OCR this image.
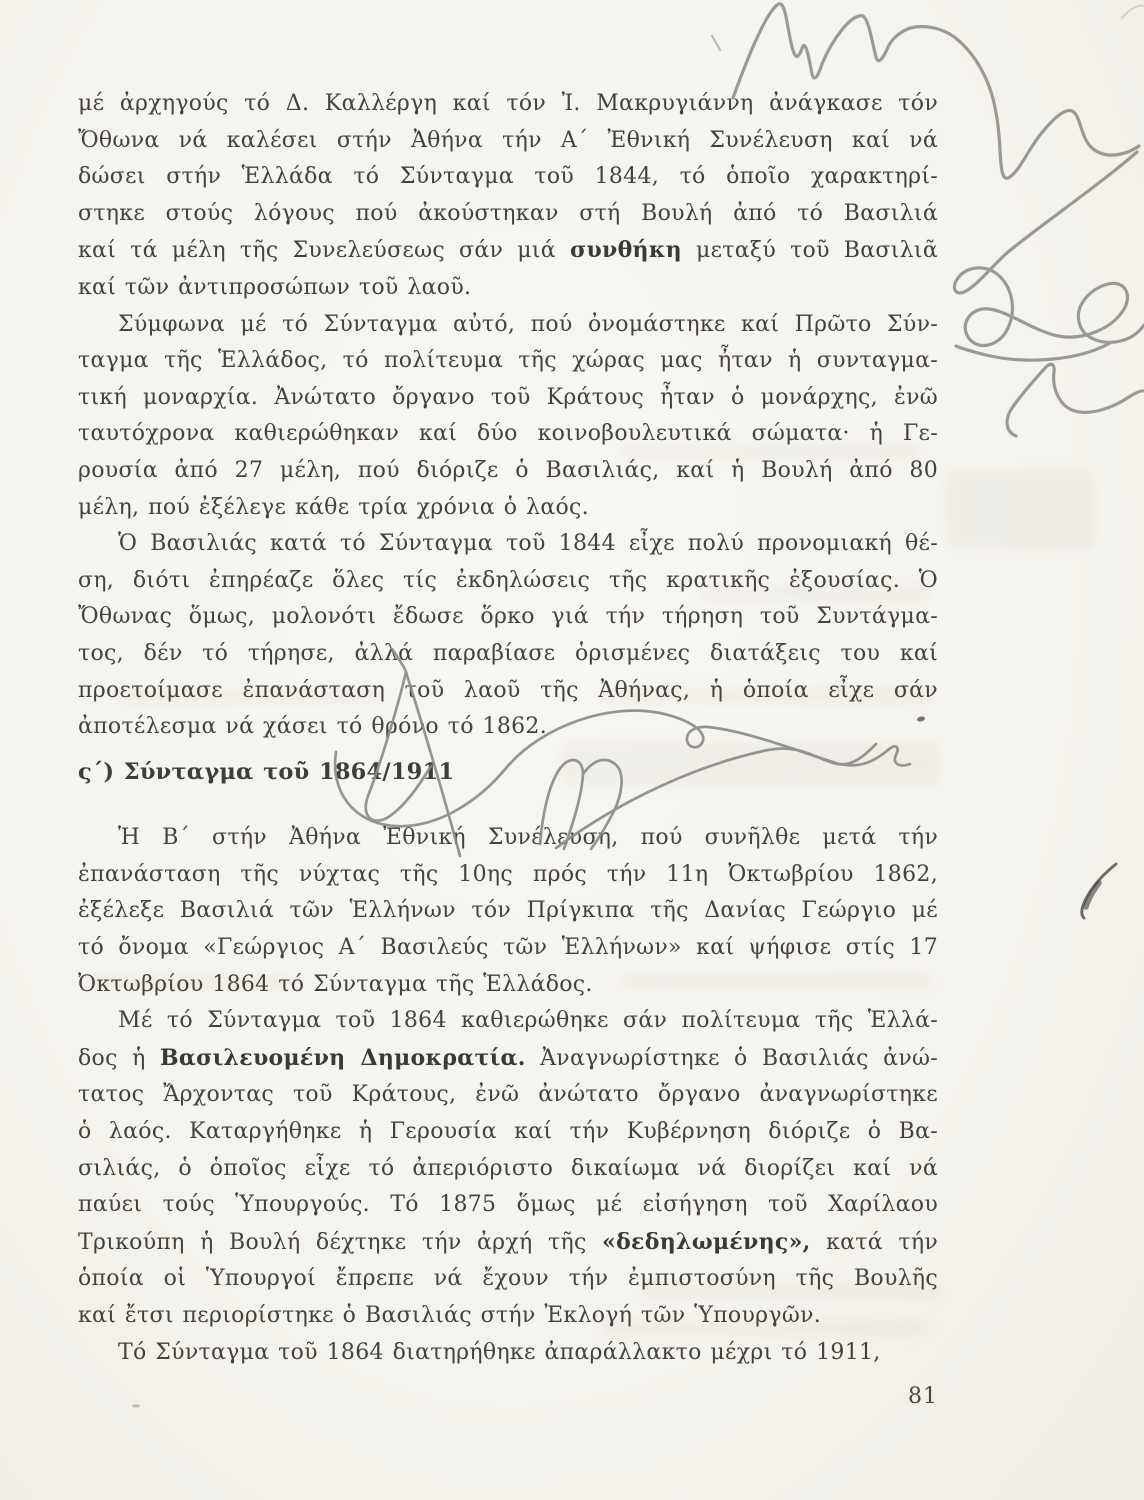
μέ ἀρχηγούς τό Δ. Καλλέργη καί τόν Ἰ. Μακρυγιάννη ἀνάγκασε τόν
Ὄθωνα νά καλέσει στήν Ἀθήνα τήν Α´ Ἐθνική Συνέλευση καί νά
δώσει στήν Ἑλλάδα τό Σύνταγμα τοῦ 1844, τό ὁποῖο χαρακτηρί-
στηκε στούς λόγους πού ἀκούστηκαν στή Βουλή ἀπό τό Βασιλιά
καί τά μέλη τῆς Συνελεύσεως σάν μιά συνθήκη μεταξύ τοῦ Βασιλιᾶ
καί τῶν ἀντιπροσώπων τοῦ λαοῦ.
Σύμφωνα μέ τό Σύνταγμα αὐτό, πού ὀνομάστηκε καί Πρῶτο Σύν-
ταγμα τῆς Ἑλλάδος, τό πολίτευμα τῆς χώρας μας ἦταν ἡ συνταγμα-
τική μοναρχία. Ἀνώτατο ὄργανο τοῦ Κράτους ἦταν ὁ μονάρχης, ἐνῶ
ταυτόχρονα καθιερώθηκαν καί δύο κοινοβουλευτικά σώματα· ἡ Γε-
ρουσία ἀπό 27 μέλη, πού διόριζε ὁ Βασιλιάς, καί ἡ Βουλή ἀπό 80
μέλη, πού ἐξέλεγε κάθε τρία χρόνια ὁ λαός.
Ὁ Βασιλιάς κατά τό Σύνταγμα τοῦ 1844 εἶχε πολύ προνομιακή θέ-
ση, διότι ἐπηρέαζε ὅλες τίς ἐκδηλώσεις τῆς κρατικῆς ἐξουσίας. Ὁ
Ὄθωνας ὅμως, μολονότι ἔδωσε ὅρκο γιά τήν τήρηση τοῦ Συντάγμα-
τος, δέν τό τήρησε, ἀλλά παραβίασε ὁρισμένες διατάξεις του καί
προετοίμασε ἐπανάσταση τοῦ λαοῦ τῆς Ἀθήνας, ἡ ὁποία εἶχε σάν
ἀποτέλεσμα νά χάσει τό θρόνο τό 1862.
ς´) Σύνταγμα τοῦ 1864/1911
Ἡ Β´ στήν Ἀθήνα Ἐθνική Συνέλευση, πού συνῆλθε μετά τήν
ἐπανάσταση τῆς νύχτας τῆς 10ης πρός τήν 11η Ὀκτωβρίου 1862,
ἐξέλεξε Βασιλιά τῶν Ἑλλήνων τόν Πρίγκιπα τῆς Δανίας Γεώργιο μέ
τό ὄνομα «Γεώργιος Α´ Βασιλεύς τῶν Ἑλλήνων» καί ψήφισε στίς 17
Ὀκτωβρίου 1864 τό Σύνταγμα τῆς Ἑλλάδος.
Μέ τό Σύνταγμα τοῦ 1864 καθιερώθηκε σάν πολίτευμα τῆς Ἑλλά-
δος ἡ Βασιλευομένη Δημοκρατία. Ἀναγνωρίστηκε ὁ Βασιλιάς ἀνώ-
τατος Ἄρχοντας τοῦ Κράτους, ἐνῶ ἀνώτατο ὄργανο ἀναγνωρίστηκε
ὁ λαός. Καταργήθηκε ἡ Γερουσία καί τήν Κυβέρνηση διόριζε ὁ Βα-
σιλιάς, ὁ ὁποῖος εἶχε τό ἀπεριόριστο δικαίωμα νά διορίζει καί νά
παύει τούς Ὑπουργούς. Τό 1875 ὅμως μέ εἰσήγηση τοῦ Χαρίλαου
Τρικούπη ἡ Βουλή δέχτηκε τήν ἀρχή τῆς «δεδηλωμένης», κατά τήν
ὁποία οἱ Ὑπουργοί ἔπρεπε νά ἔχουν τήν ἐμπιστοσύνη τῆς Βουλῆς
καί ἔτσι περιορίστηκε ὁ Βασιλιάς στήν Ἐκλογή τῶν Ὑπουργῶν.
Τό Σύνταγμα τοῦ 1864 διατηρήθηκε ἀπαράλλακτο μέχρι τό 1911,
81
